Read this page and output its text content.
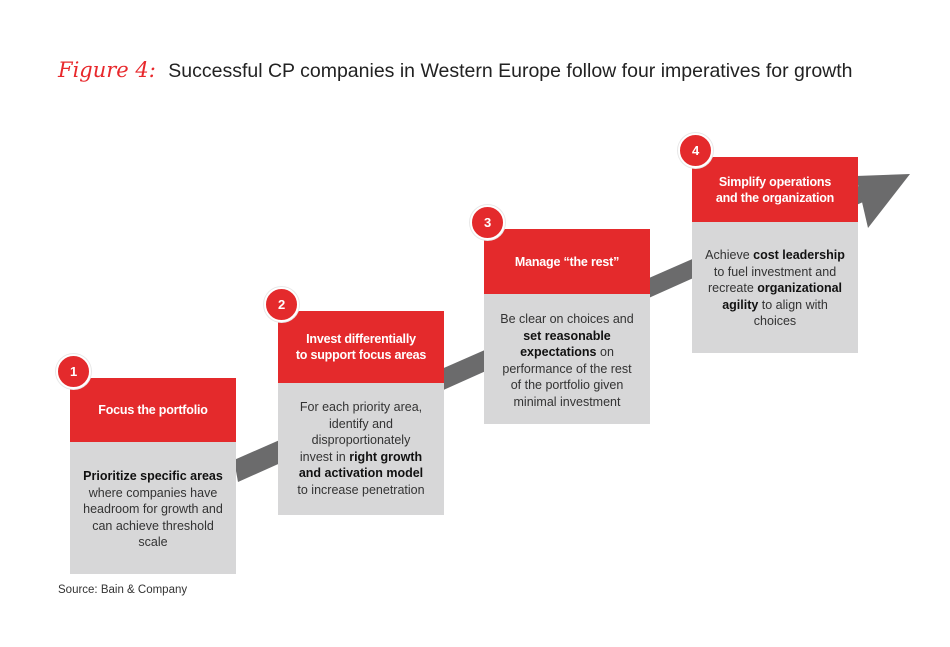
Figure 4: Successful CP companies in Western Europe follow four imperatives for growth
1
Focus the portfolio
Prioritize specific areas where companies have headroom for growth and can achieve threshold scale
2
Invest differentially
to support focus areas
For each priority area, identify and disproportionately invest in right growth and activation model to increase penetration
3
Manage “the rest”
Be clear on choices and set reasonable expectations on performance of the rest of the portfolio given minimal investment
4
Simplify operations
and the organization
Achieve cost leadership to fuel investment and recreate organizational agility to align with choices
Source: Bain & Company
